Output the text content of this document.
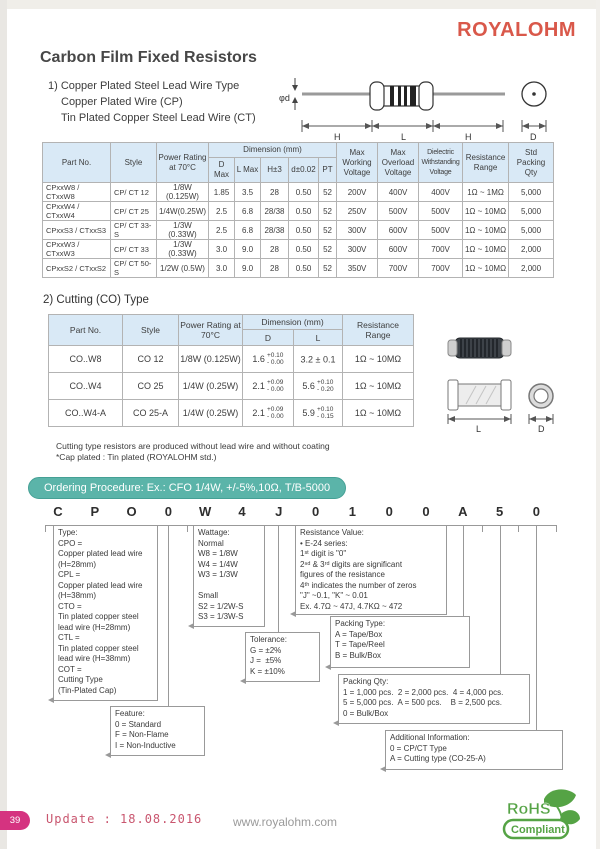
ROYALOHM
Carbon Film Fixed Resistors
1) Copper Plated Steel Lead Wire Type
Copper Plated Wire (CP)
Tin Plated Copper Steel Lead Wire (CT)
φd
H	L	H	D
Part No.	Style	Power Rating at 70°C	Dimension (mm)					Max Working Voltage	Max Overload Voltage	Dielectric Withstanding Voltage	Resistance Range	Std Packing Qty
			D Max	L Max	H±3	d±0.02	PT					
CPxxW8 / CTxxW8	CP/ CT 12	1/8W (0.125W)	1.85	3.5	28	0.50	52	200V	400V	400V	1Ω ~ 1MΩ	5,000
CPxxW4 / CTxxW4	CP/ CT 25	1/4W(0.25W)	2.5	6.8	28/38	0.50	52	250V	500V	500V	1Ω ~ 10MΩ	5,000
CPxxS3 / CTxxS3	CP/ CT 33-S	1/3W (0.33W)	2.5	6.8	28/38	0.50	52	300V	600V	500V	1Ω ~ 10MΩ	5,000
CPxxW3 / CTxxW3	CP/ CT 33	1/3W (0.33W)	3.0	9.0	28	0.50	52	300V	600V	700V	1Ω ~ 10MΩ	2,000
CPxxS2 / CTxxS2	CP/ CT 50-S	1/2W (0.5W)	3.0	9.0	28	0.50	52	350V	700V	700V	1Ω ~ 10MΩ	2,000
2) Cutting (CO) Type
Part No.	Style	Power Rating at 70°C	Dimension (mm)		Resistance Range
			D	L	
CO..W8	CO 12	1/8W (0.125W)	1.6 +0.10
- 0.00	3.2 ± 0.1	1Ω ~ 10MΩ
CO..W4	CO 25	1/4W (0.25W)	2.1 +0.09
- 0.00	5.6 +0.10
- 0.20	1Ω ~ 10MΩ
CO..W4-A	CO 25-A	1/4W (0.25W)	2.1 +0.09
- 0.00	5.9 +0.10
- 0.15	1Ω ~ 10MΩ
Cutting type resistors are produced without lead wire and without coating
*Cap plated : Tin plated (ROYALOHM std.)
L	D
Ordering Procedure: Ex.: CFO 1/4W, +/-5%,10Ω, T/B-5000
C	P	O	0	W	4	J	0	1	0	0	A	5	0
Type:
CPO =
Copper plated lead wire
(H=28mm)
CPL =
Copper plated lead wire
(H=38mm)
CTO =
Tin plated copper steel
lead wire (H=28mm)
CTL =
Tin plated copper steel
lead wire (H=38mm)
COT =
Cutting Type
(Tin-Plated Cap)
Wattage:
Normal
W8 = 1/8W
W4 = 1/4W
W3 = 1/3W
Small
S2 = 1/2W-S
S3 = 1/3W-S
Resistance Value:
• E-24 series:
1ˢᵗ digit is "0"
2ⁿᵈ & 3ʳᵈ digits are significant
figures of the resistance
4ᵗʰ indicates the number of zeros
"J" ~0.1, "K" ~ 0.01
Ex. 4.7Ω ~ 47J, 4.7KΩ ~ 472
Tolerance:
G = ±2%
J =  ±5%
K = ±10%
Feature:
0 = Standard
F = Non-Flame
I = Non-Inductive
Packing Type:
A = Tape/Box
T = Tape/Reel
B = Bulk/Box
Packing Qty:
1 = 1,000 pcs.  2 = 2,000 pcs.  4 = 4,000 pcs.
5 = 5,000 pcs.  A = 500 pcs.    B = 2,500 pcs.
0 = Bulk/Box
Additional Information:
0 = CP/CT Type
A = Cutting type (CO-25-A)
39	Update : 18.08.2016	www.royalohm.com
RoHS
Compliant
